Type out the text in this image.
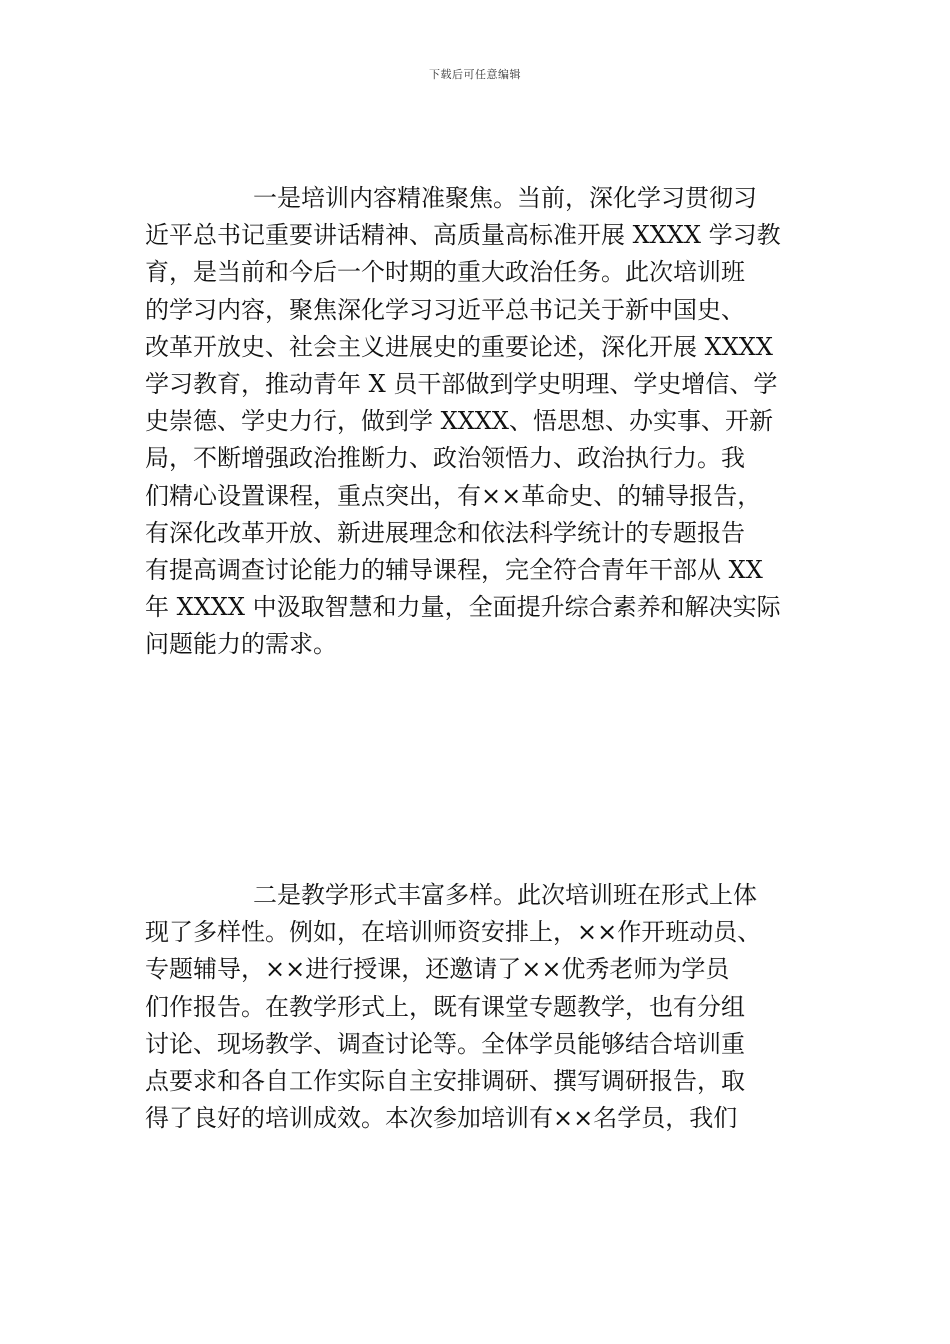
下载后可任意编辑

一是培训内容精准聚焦。当前，深化学习贯彻习
近平总书记重要讲话精神、高质量高标准开展 XXXX 学习教
育，是当前和今后一个时期的重大政治任务。此次培训班
的学习内容，聚焦深化学习习近平总书记关于新中国史、
改革开放史、社会主义进展史的重要论述，深化开展 XXXX
学习教育，推动青年 X 员干部做到学史明理、学史增信、学
史崇德、学史力行，做到学 XXXX、悟思想、办实事、开新
局，不断增强政治推断力、政治领悟力、政治执行力。我
们精心设置课程，重点突出，有××革命史、的辅导报告，
有深化改革开放、新进展理念和依法科学统计的专题报告
有提高调查讨论能力的辅导课程，完全符合青年干部从 XX
年 XXXX 中汲取智慧和力量，全面提升综合素养和解决实际
问题能力的需求。

二是教学形式丰富多样。此次培训班在形式上体
现了多样性。例如，在培训师资安排上，××作开班动员、
专题辅导，××进行授课，还邀请了××优秀老师为学员
们作报告。在教学形式上，既有课堂专题教学，也有分组
讨论、现场教学、调查讨论等。全体学员能够结合培训重
点要求和各自工作实际自主安排调研、撰写调研报告，取
得了良好的培训成效。本次参加培训有××名学员，我们
